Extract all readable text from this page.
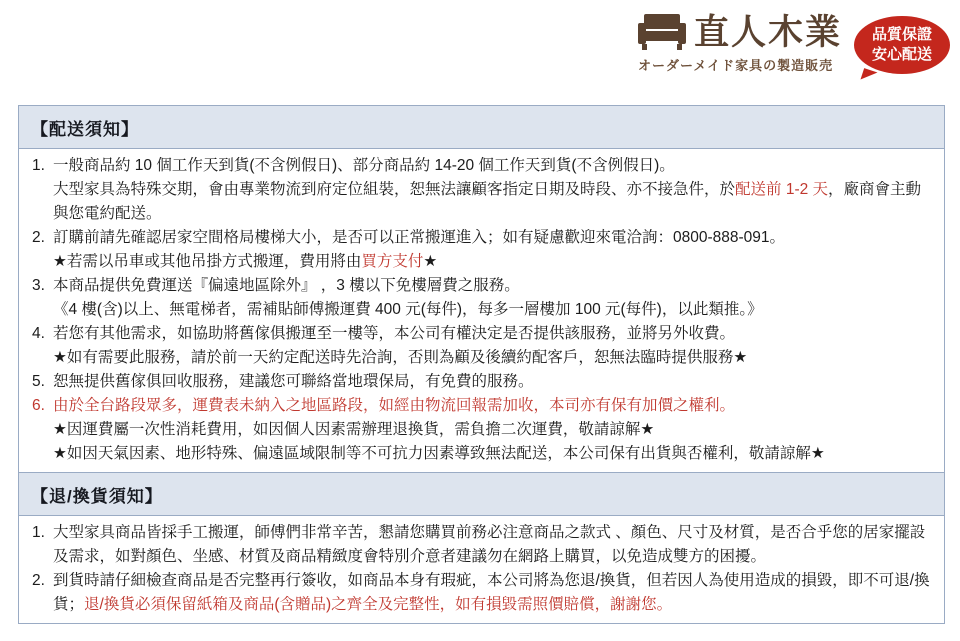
直人木業
オーダーメイド家具の製造販売
品質保證
安心配送
【配送須知】
1. 一般商品約 10 個工作天到貨(不含例假日)、部分商品約 14-20 個工作天到貨(不含例假日)。
大型家具為特殊交期，會由專業物流到府定位組裝，恕無法讓顧客指定日期及時段、亦不接急件，於配送前 1-2 天，廠商會主動與您電約配送。
2. 訂購前請先確認居家空間格局樓梯大小，是否可以正常搬運進入；如有疑慮歡迎來電洽詢：0800-888-091。
★若需以吊車或其他吊掛方式搬運，費用將由買方支付★
3. 本商品提供免費運送『偏遠地區除外』 ，3 樓以下免樓層費之服務。
《4 樓(含)以上、無電梯者，需補貼師傅搬運費 400 元(每件)，每多一層樓加 100 元(每件)，以此類推。》
4. 若您有其他需求，如協助將舊傢俱搬運至一樓等，本公司有權決定是否提供該服務，並將另外收費。
★如有需要此服務，請於前一天約定配送時先洽詢，否則為顧及後續約配客戶，恕無法臨時提供服務★
5. 恕無提供舊傢俱回收服務，建議您可聯絡當地環保局，有免費的服務。
6. 由於全台路段眾多，運費表未納入之地區路段，如經由物流回報需加收，本司亦有保有加價之權利。
★因運費屬一次性消耗費用，如因個人因素需辦理退換貨，需負擔二次運費，敬請諒解★
★如因天氣因素、地形特殊、偏遠區域限制等不可抗力因素導致無法配送，本公司保有出貨與否權利，敬請諒解★
【退/換貨須知】
1. 大型家具商品皆採手工搬運，師傅們非常辛苦，懇請您購買前務必注意商品之款式 、顏色、尺寸及材質，是否合乎您的居家擺設及需求，如對顏色、坐感、材質及商品精緻度會特別介意者建議勿在網路上購買，以免造成雙方的困擾。
2. 到貨時請仔細檢查商品是否完整再行簽收，如商品本身有瑕疵，本公司將為您退/換貨，但若因人為使用造成的損毀，即不可退/換貨；退/換貨必須保留紙箱及商品(含贈品)之齊全及完整性，如有損毀需照價賠償，謝謝您。
